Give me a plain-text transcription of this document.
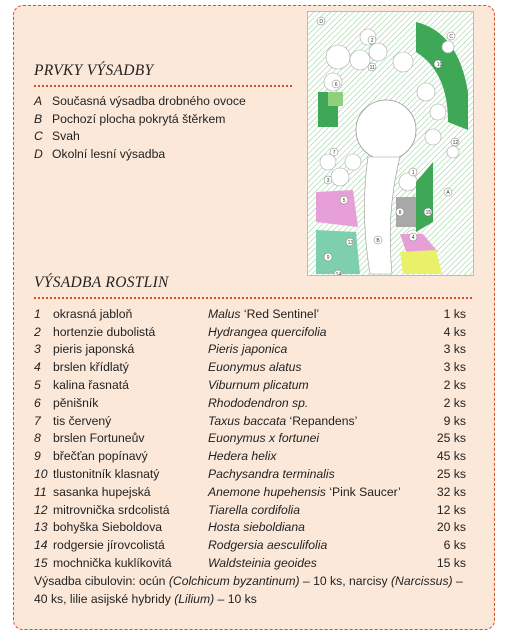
D
C
A
B
1
2
3
4
5
6
7
8
9
10
11
12
13
14
15
PRVKY VÝSADBY
A Současná výsadba drobného ovoce
B Pochozí plocha pokrytá štěrkem
C Svah
D Okolní lesní výsadba
VÝSADBA ROSTLIN
1	okrasná jabloň	Malus ‘Red Sentinel’	1 ks
2	hortenzie dubolistá	Hydrangea quercifolia	4 ks
3	pieris japonská	Pieris japonica	3 ks
4	brslen křídlatý	Euonymus alatus	3 ks
5	kalina řasnatá	Viburnum plicatum	2 ks
6	pěnišník	Rhododendron sp.	2 ks
7	tis červený	Taxus baccata ‘Repandens’	9 ks
8	brslen Fortuneův	Euonymus x fortunei	25 ks
9	břečťan popínavý	Hedera helix	45 ks
10 tlustonitník klasnatý	Pachysandra terminalis	25 ks
11 sasanka hupejská	Anemone hupehensis ‘Pink Saucer’	32 ks
12 mitrovnička srdcolistá	Tiarella cordifolia	12 ks
13 bohyška Sieboldova	Hosta sieboldiana	20 ks
14 rodgersie jírovcolistá	Rodgersia aesculifolia	6 ks
15 mochnička kuklíkovitá	Waldsteinia geoides	15 ks
Výsadba cibulovin: ocún (Colchicum byzantinum) – 10 ks, narcisy (Narcissus) – 40 ks, lilie asijské hybridy (Lilium) – 10 ks
